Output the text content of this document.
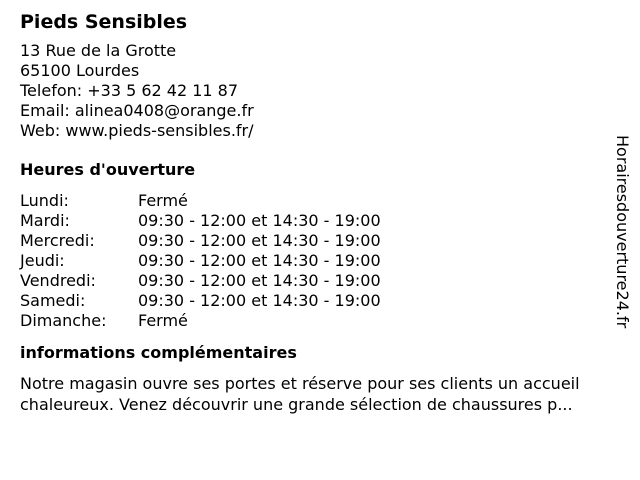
Pieds Sensibles
13 Rue de la Grotte
65100 Lourdes
Telefon: +33 5 62 42 11 87
Email: alinea0408@orange.fr
Web: www.pieds-sensibles.fr/
Heures d'ouverture
Lundi:	Fermé
Mardi:	09:30 - 12:00 et 14:30 - 19:00
Mercredi:	09:30 - 12:00 et 14:30 - 19:00
Jeudi:	09:30 - 12:00 et 14:30 - 19:00
Vendredi:	09:30 - 12:00 et 14:30 - 19:00
Samedi:	09:30 - 12:00 et 14:30 - 19:00
Dimanche:	Fermé
informations complémentaires
Notre magasin ouvre ses portes et réserve pour ses clients un accueil
chaleureux. Venez découvrir une grande sélection de chaussures p...
Horairesdouverture24.fr
